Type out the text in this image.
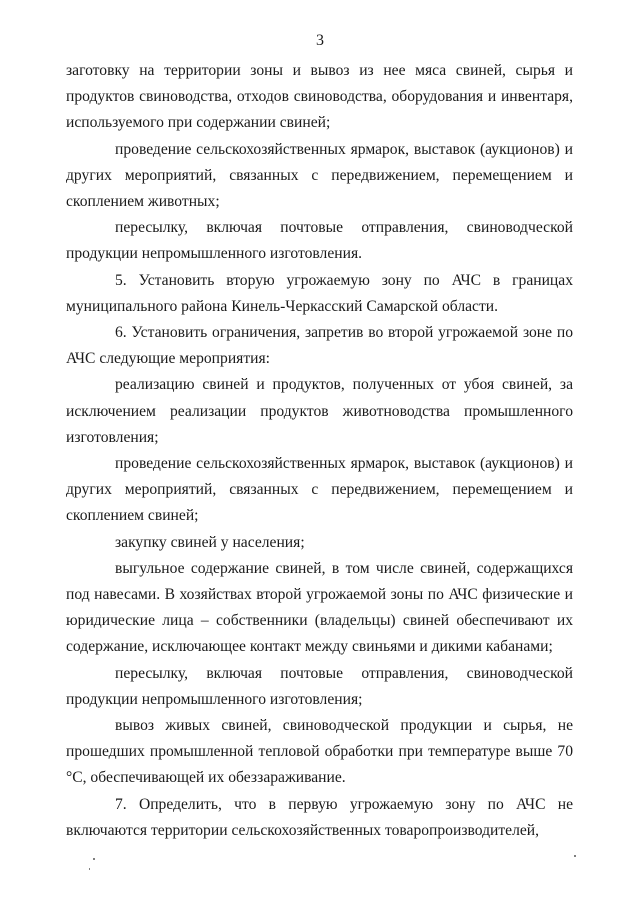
3

заготовку на территории зоны и вывоз из нее мяса свиней, сырья и продуктов свиноводства, отходов свиноводства, оборудования и инвентаря, используемого при содержании свиней;

проведение сельскохозяйственных ярмарок, выставок (аукционов) и других мероприятий, связанных с передвижением, перемещением и скоплением животных;

пересылку, включая почтовые отправления, свиноводческой продукции непромышленного изготовления.

5. Установить вторую угрожаемую зону по АЧС в границах муниципального района Кинель-Черкасский Самарской области.

6. Установить ограничения, запретив во второй угрожаемой зоне по АЧС следующие мероприятия:

реализацию свиней и продуктов, полученных от убоя свиней, за исключением реализации продуктов животноводства промышленного изготовления;

проведение сельскохозяйственных ярмарок, выставок (аукционов) и других мероприятий, связанных с передвижением, перемещением и скоплением свиней;

закупку свиней у населения;

выгульное содержание свиней, в том числе свиней, содержащихся под навесами. В хозяйствах второй угрожаемой зоны по АЧС физические и юридические лица – собственники (владельцы) свиней обеспечивают их содержание, исключающее контакт между свиньями и дикими кабанами;

пересылку, включая почтовые отправления, свиноводческой продукции непромышленного изготовления;

вывоз живых свиней, свиноводческой продукции и сырья, не прошедших промышленной тепловой обработки при температуре выше 70 °С, обеспечивающей их обеззараживание.

7. Определить, что в первую угрожаемую зону по АЧС не включаются территории сельскохозяйственных товаропроизводителей,
